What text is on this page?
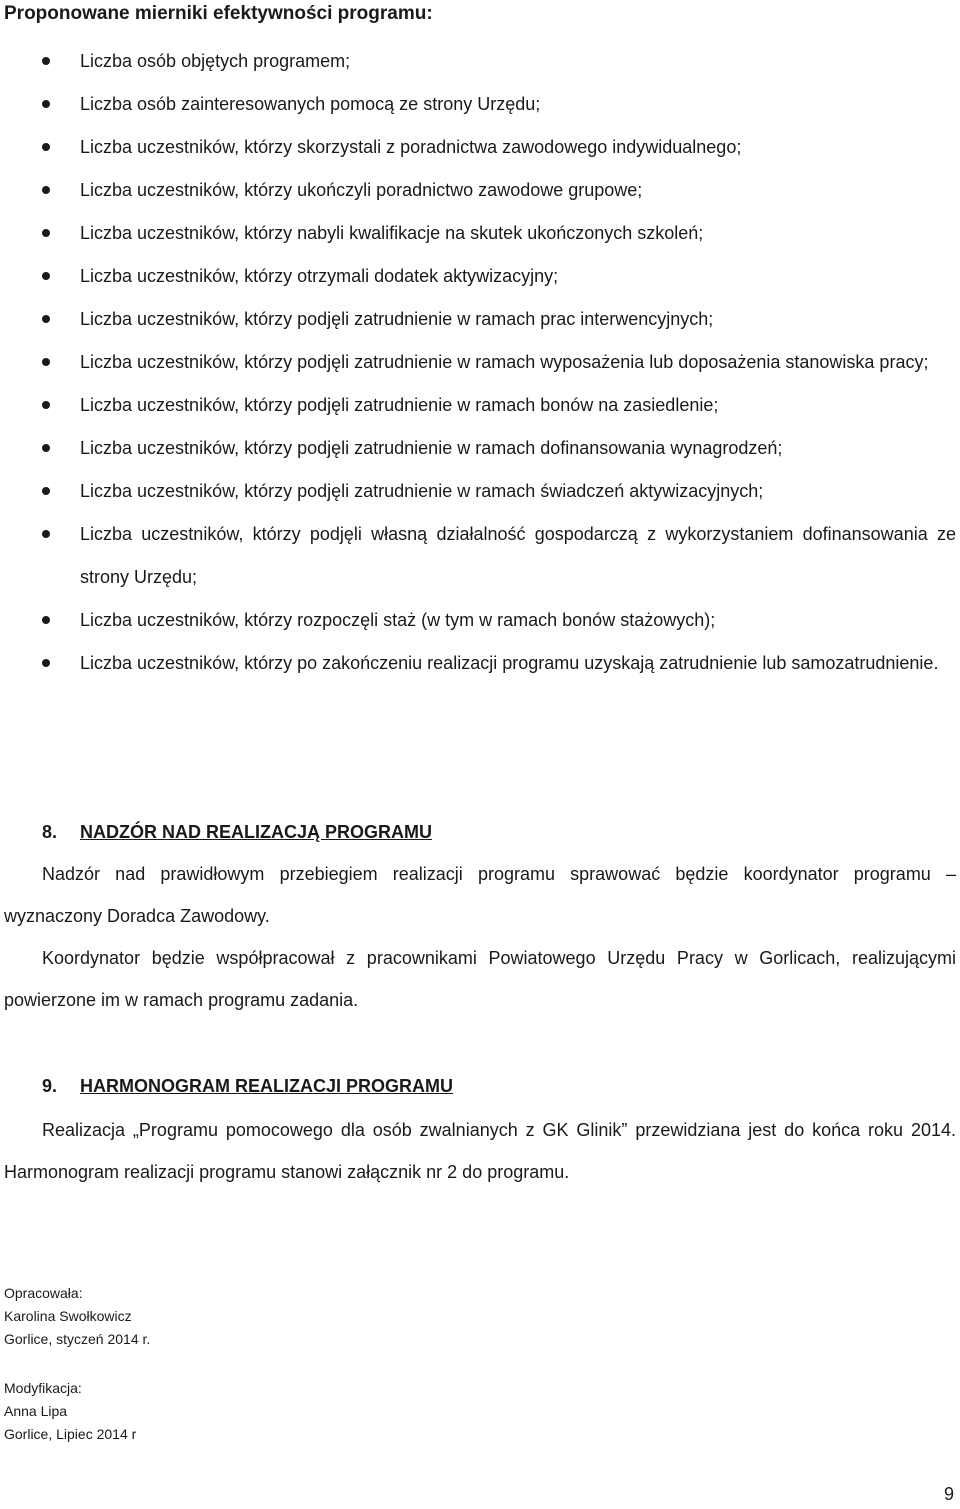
Proponowane mierniki efektywności programu:
Liczba osób objętych programem;
Liczba osób zainteresowanych pomocą ze strony Urzędu;
Liczba uczestników, którzy skorzystali z poradnictwa zawodowego indywidualnego;
Liczba uczestników, którzy ukończyli poradnictwo zawodowe grupowe;
Liczba uczestników, którzy nabyli kwalifikacje na skutek ukończonych szkoleń;
Liczba uczestników, którzy otrzymali dodatek aktywizacyjny;
Liczba uczestników, którzy podjęli zatrudnienie w ramach prac interwencyjnych;
Liczba uczestników, którzy podjęli zatrudnienie w ramach wyposażenia lub doposażenia stanowiska pracy;
Liczba uczestników, którzy podjęli zatrudnienie w ramach bonów na zasiedlenie;
Liczba uczestników, którzy podjęli zatrudnienie w ramach dofinansowania wynagrodzeń;
Liczba uczestników, którzy podjęli zatrudnienie w ramach świadczeń aktywizacyjnych;
Liczba uczestników, którzy podjęli własną działalność gospodarczą z wykorzystaniem dofinansowania ze strony Urzędu;
Liczba uczestników, którzy rozpoczęli staż (w tym w ramach bonów stażowych);
Liczba uczestników, którzy po zakończeniu realizacji programu uzyskają zatrudnienie lub samozatrudnienie.
8. NADZÓR NAD REALIZACJĄ PROGRAMU

Nadzór nad prawidłowym przebiegiem realizacji programu sprawować będzie koordynator programu – wyznaczony Doradca Zawodowy.

Koordynator będzie współpracował z pracownikami Powiatowego Urzędu Pracy w Gorlicach, realizującymi powierzone im w ramach programu zadania.

9. HARMONOGRAM REALIZACJI PROGRAMU

Realizacja „Programu pomocowego dla osób zwalnianych z GK Glinik” przewidziana jest do końca roku 2014. Harmonogram realizacji programu stanowi załącznik nr 2 do programu.

Opracowała:
Karolina Swołkowicz
Gorlice, styczeń 2014 r.
Modyfikacja:
Anna Lipa
Gorlice, Lipiec 2014 r
9
